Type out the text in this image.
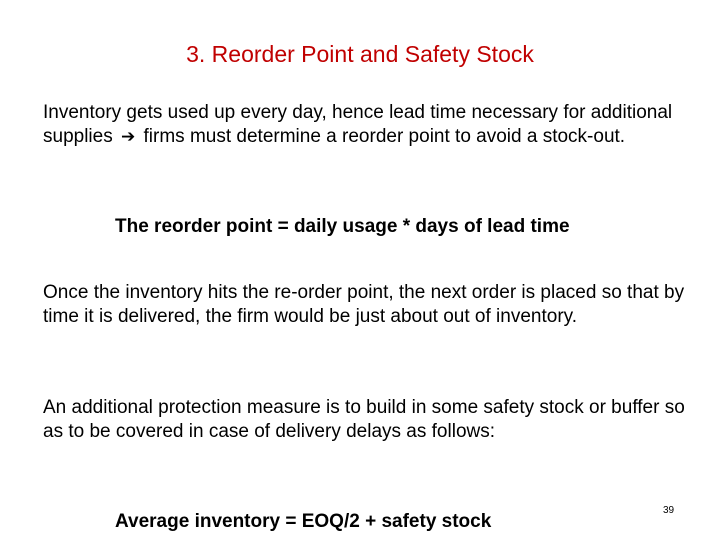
3. Reorder Point and Safety Stock

Inventory gets used up every day, hence lead time necessary for additional supplies ➔ firms must determine a reorder point to avoid a stock-out.

The reorder point = daily usage * days of lead time

Once the inventory hits the re-order point, the next order is placed so that by time it is delivered, the firm would be just about out of inventory.

An additional protection measure is to build in some safety stock or buffer so as to be covered in case of delivery delays as follows:

Average inventory = EOQ/2 + safety stock
39
